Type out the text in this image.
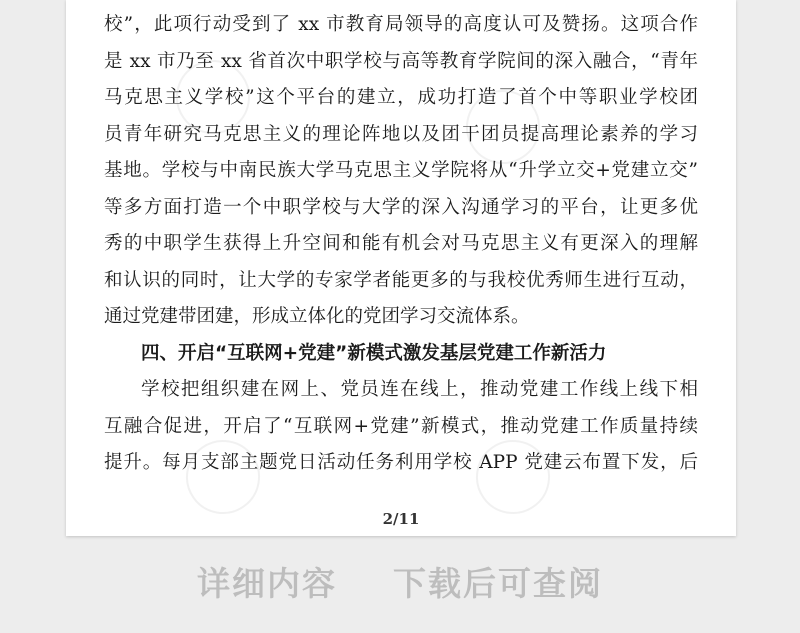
校”，此项行动受到了 xx 市教育局领导的高度认可及赞扬。这项合作
是 xx 市乃至 xx 省首次中职学校与高等教育学院间的深入融合，“青年
马克思主义学校”这个平台的建立，成功打造了首个中等职业学校团
员青年研究马克思主义的理论阵地以及团干团员提高理论素养的学习
基地。学校与中南民族大学马克思主义学院将从“升学立交+党建立交”
等多方面打造一个中职学校与大学的深入沟通学习的平台，让更多优
秀的中职学生获得上升空间和能有机会对马克思主义有更深入的理解
和认识的同时，让大学的专家学者能更多的与我校优秀师生进行互动，
通过党建带团建，形成立体化的党团学习交流体系。
四、开启“互联网+党建”新模式激发基层党建工作新活力
学校把组织建在网上、党员连在线上，推动党建工作线上线下相
互融合促进，开启了“互联网+党建”新模式，推动党建工作质量持续
提升。每月支部主题党日活动任务利用学校 APP 党建云布置下发，后
2/11
详细内容 下载后可查阅
